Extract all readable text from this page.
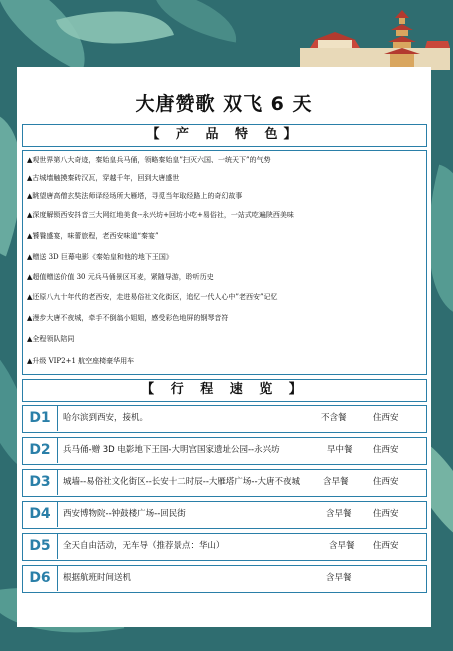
大唐赞歌 双飞 6 天
【 产 品 特 色】
▲观世界第八大奇迹，秦始皇兵马俑，领略秦始皇”扫灭六国、一统天下”的气势
▲古城墙触摸秦砖汉瓦，穿越千年，回到大唐盛世
▲眺望唐高僧玄奘法师译经场所大雁塔，寻觅当年取经路上的奇幻故事
▲深度解锁西安抖音三大网红地美食--永兴坊+回坊小吃+易俗社，一站式吃遍陕西美味
▲饕餮盛宴，味蕾旅程，老西安味道“秦宴”
▲赠送 3D 巨幕电影《秦始皇和他的地下王国》
▲超值赠送价值 30 元兵马俑景区耳麦，紧随导游，聆听历史
▲还原八九十年代的老西安，走进易俗社文化街区，追忆一代人心中”老西安”记忆
▲漫步大唐不夜城，牵手不倒翁小姐姐，感受彩色地屏的钢琴音符
▲全程领队陪同
▲升级 VIP2+1 航空座椅豪华用车
【 行 程 速 览 】
D1	哈尔滨到西安，接机。	不含餐	住西安
D2	兵马俑-赠 3D 电影地下王国-大明宫国家遗址公园--永兴坊	早中餐 住西安
D3	城墙--易俗社文化街区--长安十二时辰--大雁塔广场--大唐不夜城	含早餐	住西安
D4	西安博物院--钟鼓楼广场--回民街	含早餐	住西安
D5	全天自由活动，无车导（推荐景点：华山）	含早餐 住西安
D6	根据航班时间送机	含早餐
